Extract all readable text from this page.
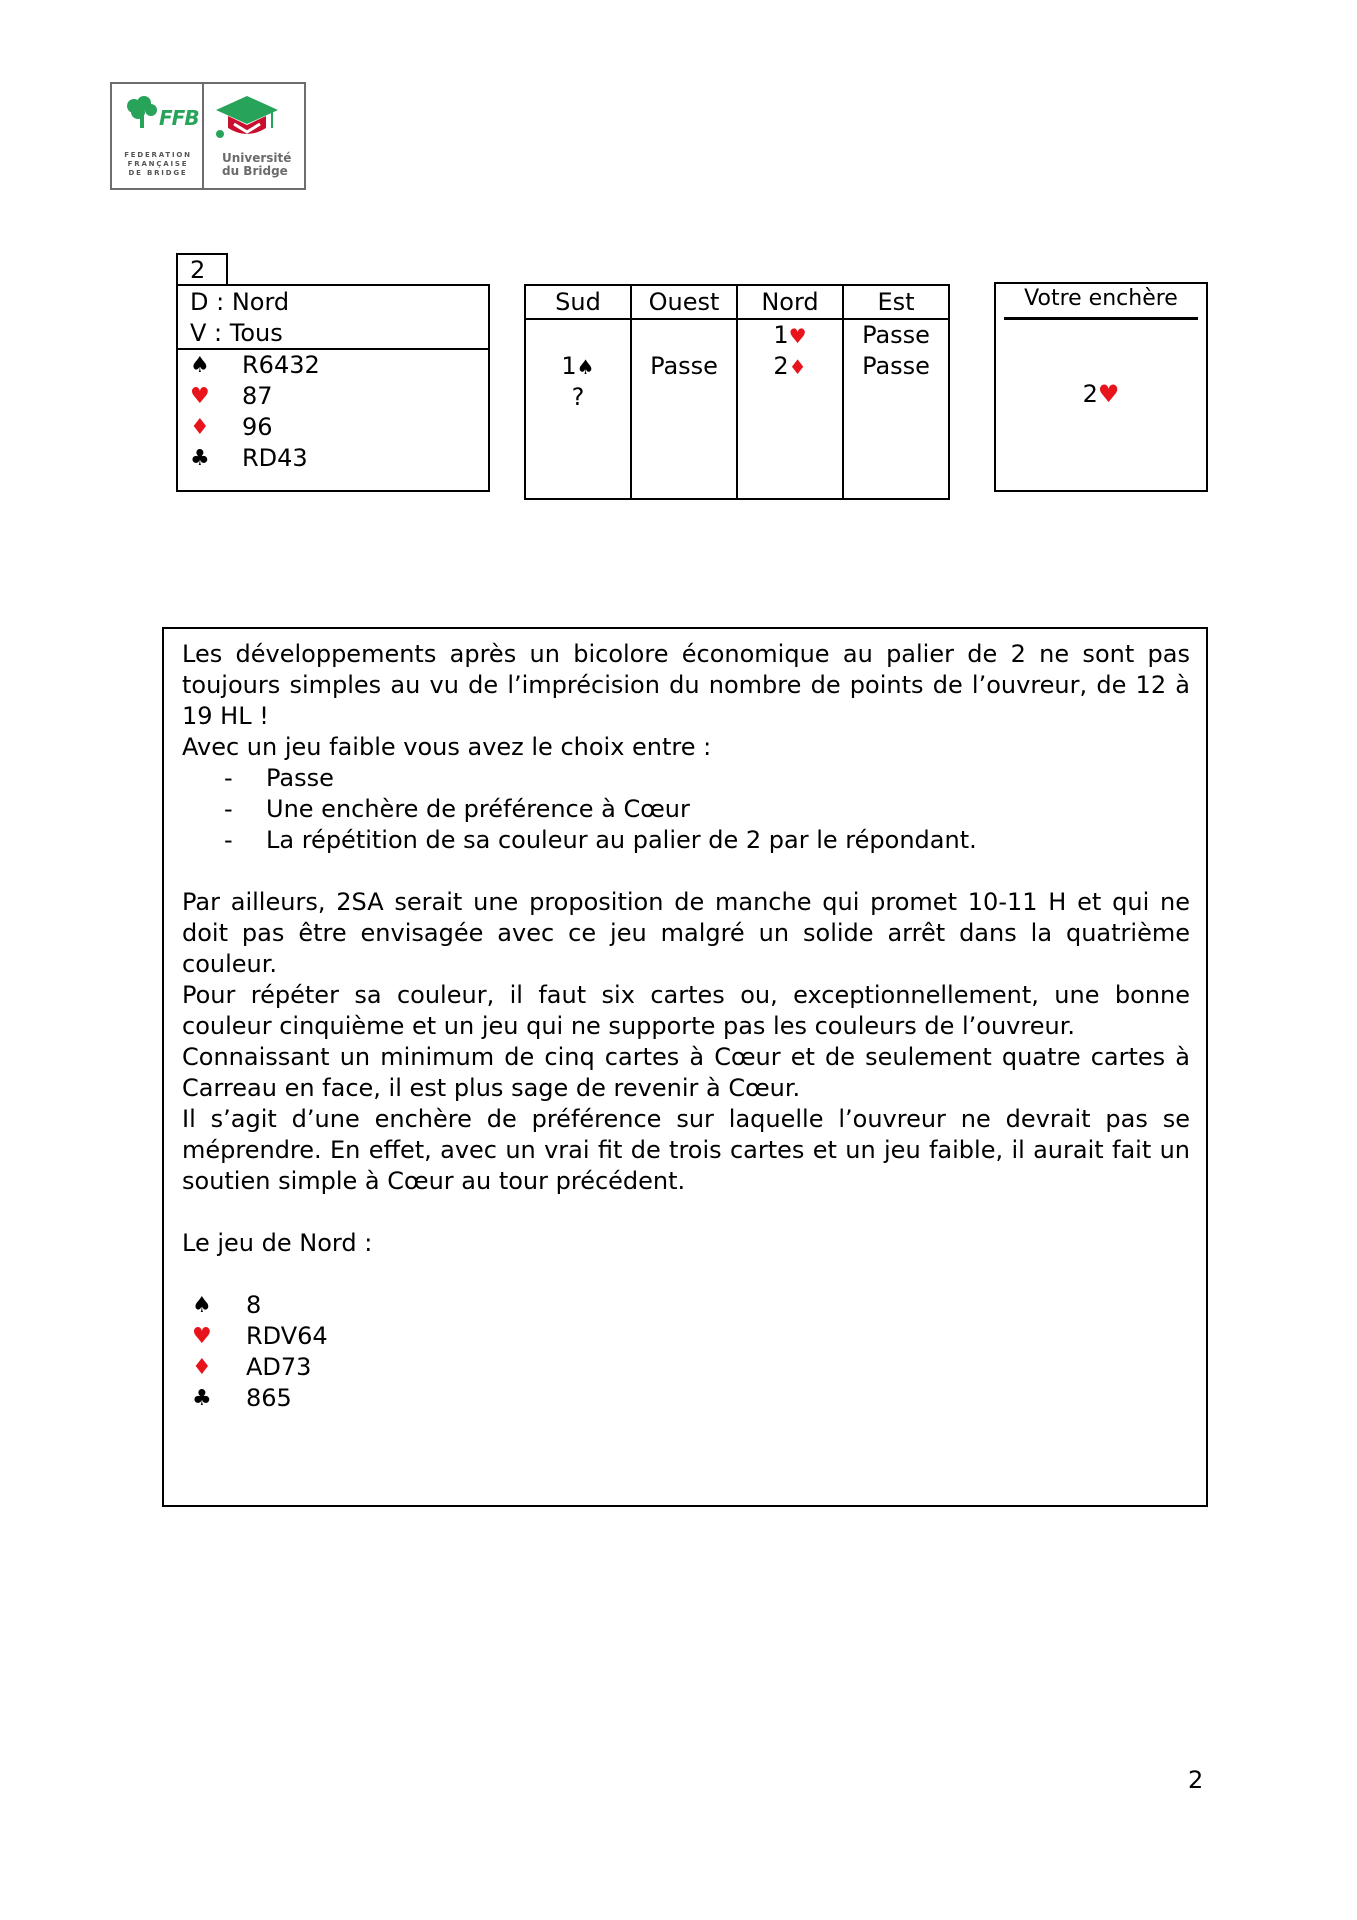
FFB
FEDERATION
FRANÇAISE
DE BRIDGE
Université
du Bridge
2
D : Nord
V : Tous
♠ R6432
♥ 87
♦ 96
♣ RD43
Sud
1♠
?
Ouest
Passe
Nord
1♥
2♦
Est
Passe
Passe
Votre enchère
2♥

Les développements après un bicolore économique au palier de 2 ne sont pas toujours simples au vu de l’imprécision du nombre de points de l’ouvreur, de 12 à 19 HL !

Avec un jeu faible vous avez le choix entre :

- Passe
- Une enchère de préférence à Cœur
- La répétition de sa couleur au palier de 2 par le répondant.

Par ailleurs, 2SA serait une proposition de manche qui promet 10-11 H et qui ne doit pas être envisagée avec ce jeu malgré un solide arrêt dans la quatrième couleur.

Pour répéter sa couleur, il faut six cartes ou, exceptionnellement, une bonne couleur cinquième et un jeu qui ne supporte pas les couleurs de l’ouvreur.

Connaissant un minimum de cinq cartes à Cœur et de seulement quatre cartes à Carreau en face, il est plus sage de revenir à Cœur.

Il s’agit d’une enchère de préférence sur laquelle l’ouvreur ne devrait pas se méprendre. En effet, avec un vrai fit de trois cartes et un jeu faible, il aurait fait un soutien simple à Cœur au tour précédent.

Le jeu de Nord :

♠ 8
♥ RDV64
♦ AD73
♣ 865
2
